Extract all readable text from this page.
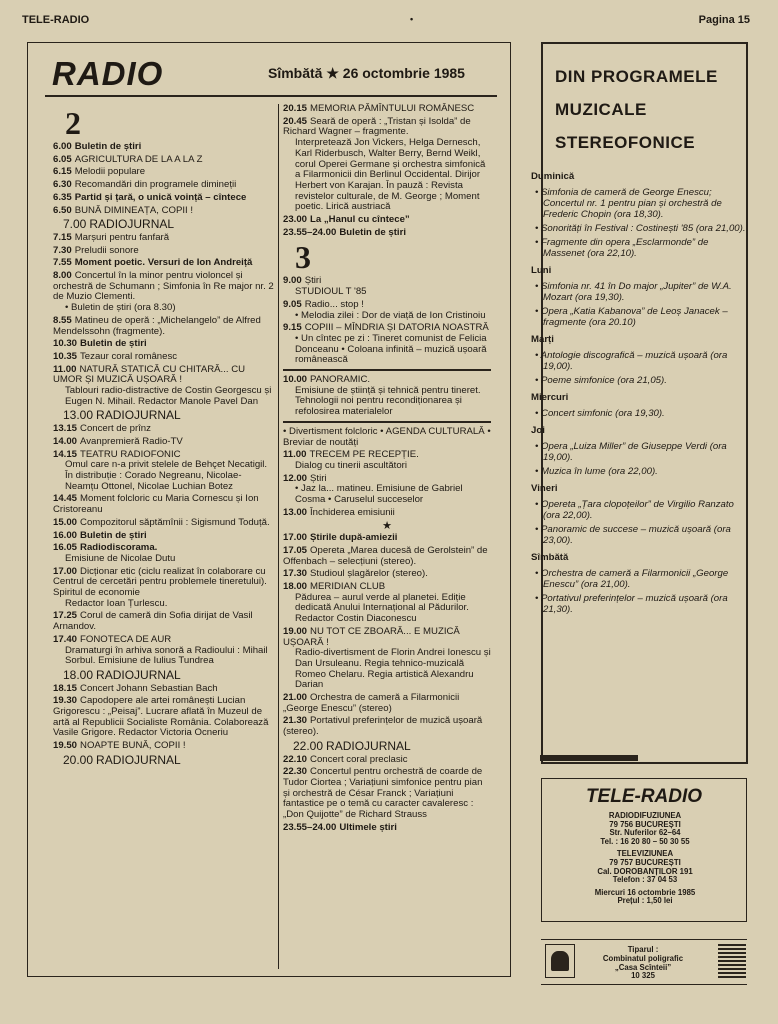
TELE-RADIO	•	Pagina 15
RADIO	Sîmbătă ★ 26 octombrie 1985
2
6.00 Buletin de știri
6.05 AGRICULTURA DE LA A LA Z
6.15 Melodii populare
6.30 Recomandări din programele dimineții
6.35 Partid și țară, o unică voință – cîntece
6.50 BUNĂ DIMINEAȚA, COPII !
7.00 RADIOJURNAL
7.15 Marșuri pentru fanfară
7.30 Preludii sonore
7.55 Moment poetic. Versuri de Ion Andreiță
8.00 Concertul în la minor pentru violoncel și orchestră de Schumann ; Simfonia în Re major nr. 2 de Muzio Clementi.
• Buletin de știri (ora 8.30)
8.55 Matineu de operă : „Michelangelo” de Alfred Mendelssohn (fragmente).
10.30 Buletin de știri
10.35 Tezaur coral românesc
11.00 NATURĂ STATICĂ CU CHITARĂ... CU UMOR ȘI MUZICĂ UȘOARĂ !
Tablouri radio-distractive de Costin Georgescu și Eugen N. Mihail. Redactor Manole Pavel Dan
13.00 RADIOJURNAL
13.15 Concert de prînz
14.00 Avanpremieră Radio-TV
14.15 TEATRU RADIOFONIC
Omul care n-a privit stelele de Behçet Necatigil. În distribuție : Corado Negreanu, Nicolae-Neamțu Ottonel, Nicolae Luchian Botez
14.45 Moment folcloric cu Maria Cornescu și Ion Cristoreanu
15.00 Compozitorul săptămînii : Sigismund Toduță.
16.00 Buletin de știri
16.05 Radiodiscorama.
Emisiune de Nicolae Dutu
17.00 Dicționar etic (ciclu realizat în colaborare cu Centrul de cercetări pentru problemele tineretului). Spiritul de economie
Redactor Ioan Țurlescu.
17.25 Corul de cameră din Sofia dirijat de Vasil Arnandov.
17.40 FONOTECA DE AUR
Dramaturgi în arhiva sonoră a Radioului : Mihail Sorbul. Emisiune de Iulius Tundrea
18.00 RADIOJURNAL
18.15 Concert Johann Sebastian Bach
19.30 Capodopere ale artei românești Lucian Grigorescu : „Peisaj”. Lucrare aflată în Muzeul de artă al Republicii Socialiste România. Colaborează Vasile Grigore. Redactor Victoria Ocneriu
19.50 NOAPTE BUNĂ, COPII !
20.00 RADIOJURNAL
20.15 MEMORIA PĂMÎNTULUI ROMÂNESC
20.45 Seară de operă : „Tristan și Isolda” de Richard Wagner – fragmente.
Interpretează Jon Vickers, Helga Dernesch, Karl Riderbusch, Walter Berry, Bernd Weikl, corul Operei Germane și orchestra simfonică a Filarmonicii din Berlinul Occidental. Dirijor Herbert von Karajan. În pauză : Revista revistelor culturale, de M. George ; Moment poetic. Lirică austriacă
23.00 La „Hanul cu cîntece”
23.55–24.00 Buletin de știri
3
9.00 Știri
STUDIOUL T '85
9.05 Radio... stop !
• Melodia zilei : Dor de viață de Ion Cristinoiu
9.15 COPIII – MÎNDRIA ȘI DATORIA NOASTRĂ
• Un cîntec pe zi : Tineret comunist de Felicia Donceanu • Coloana infinită – muzică ușoară românească
10.00 PANORAMIC.
Emisiune de știință și tehnică pentru tineret. Tehnologii noi pentru recondiționarea și refolosirea materialelor
• Divertisment folcloric • AGENDA CULTURALĂ • Breviar de noutăți
11.00 TRECEM PE RECEPȚIE.
Dialog cu tinerii ascultători
12.00 Știri
• Jaz la... matineu. Emisiune de Gabriel Cosma • Caruselul succeselor
13.00 Închiderea emisiunii
★
17.00 Știrile după-amiezii
17.05 Opereta „Marea ducesă de Gerolstein” de Offenbach – selecțiuni (stereo).
17.30 Studioul șlagărelor (stereo).
18.00 MERIDIAN CLUB
Pădurea – aurul verde al planetei. Ediție dedicată Anului Internațional al Pădurilor. Redactor Costin Diaconescu
19.00 NU TOT CE ZBOARĂ... E MUZICĂ UȘOARĂ !
Radio-divertisment de Florin Andrei Ionescu și Dan Ursuleanu. Regia tehnico-muzicală Romeo Chelaru. Regia artistică Alexandru Darian
21.00 Orchestra de cameră a Filarmonicii „George Enescu” (stereo)
21.30 Portativul preferințelor de muzică ușoară (stereo).
22.00 RADIOJURNAL
22.10 Concert coral preclasic
22.30 Concertul pentru orchestră de coarde de Tudor Ciortea ; Variațiuni simfonice pentru pian și orchestră de César Franck ; Variațiuni fantastice pe o temă cu caracter cavaleresc : „Don Quijotte” de Richard Strauss
23.55–24.00 Ultimele știri
DIN PROGRAMELE
MUZICALE
STEREOFONICE
Duminică
• Simfonia de cameră de George Enescu; Concertul nr. 1 pentru pian și orchestră de Frederic Chopin (ora 18,30).
• Sonorități în Festival : Costinești '85 (ora 21,00).
• Fragmente din opera „Esclarmonde” de Massenet (ora 22,10).
Luni
• Simfonia nr. 41 în Do major „Jupiter” de W.A. Mozart (ora 19,30).
• Opera „Katia Kabanova” de Leoș Janacek – fragmente (ora 20.10)
Marți
• Antologie discografică – muzică ușoară (ora 19,00).
• Poeme simfonice (ora 21,05).
Miercuri
• Concert simfonic (ora 19,30).
Joi
• Opera „Luiza Miller” de Giuseppe Verdi (ora 19,00).
• Muzica în lume (ora 22,00).
Vineri
• Opereta „Țara clopoțeilor” de Virgilio Ranzato (ora 22,00).
• Panoramic de succese – muzică ușoară (ora 23,00).
Sîmbătă
• Orchestra de cameră a Filarmonicii „George Enescu” (ora 21,00).
• Portativul preferințelor – muzică ușoară (ora 21,30).
TELE-RADIO
RADIODIFUZIUNEA
79 756 BUCUREȘTI
Str. Nuferilor 62–64
Tel. : 16 20 80 – 50 30 55
TELEVIZIUNEA
79 757 BUCUREȘTI
Cal. DOROBANȚILOR 191
Telefon : 37 04 53
Miercuri 16 octombrie 1985
Prețul : 1,50 lei
Tiparul :
Combinatul poligrafic
„Casa Scînteii”
10 325
